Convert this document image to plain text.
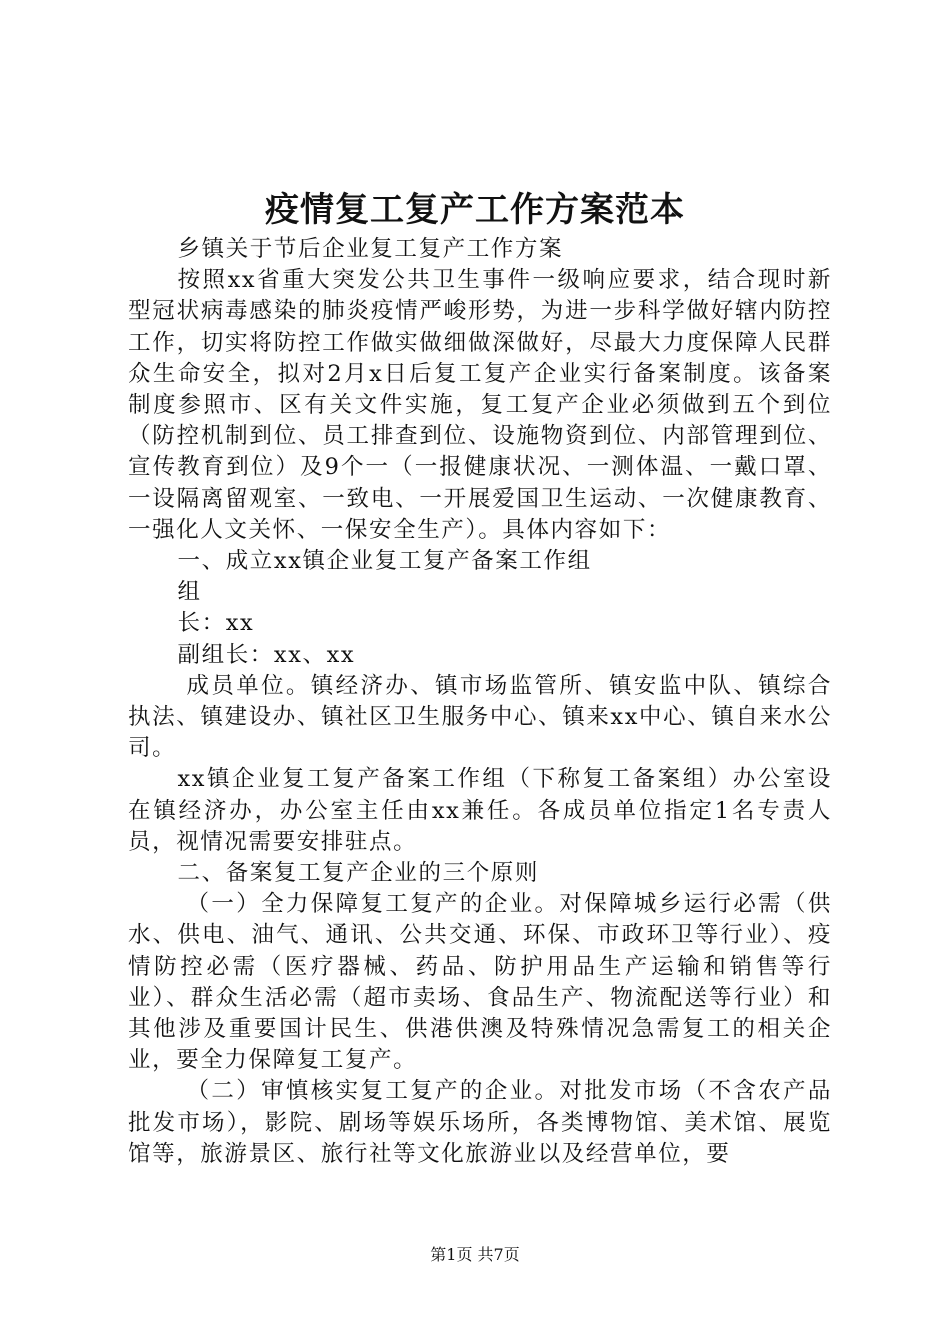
疫情复工复产工作方案范本

乡镇关于节后企业复工复产工作方案

按照xx省重大突发公共卫生事件一级响应要求，结合现时新型冠状病毒感染的肺炎疫情严峻形势，为进一步科学做好辖内防控工作，切实将防控工作做实做细做深做好，尽最大力度保障人民群众生命安全，拟对2月x日后复工复产企业实行备案制度。该备案制度参照市、区有关文件实施，复工复产企业必须做到五个到位（防控机制到位、员工排查到位、设施物资到位、内部管理到位、宣传教育到位）及9个一（一报健康状况、一测体温、一戴口罩、一设隔离留观室、一致电、一开展爱国卫生运动、一次健康教育、一强化人文关怀、一保安全生产）。具体内容如下：

一、成立xx镇企业复工复产备案工作组

组

长：xx

副组长：xx、xx

成员单位。镇经济办、镇市场监管所、镇安监中队、镇综合执法、镇建设办、镇社区卫生服务中心、镇来xx中心、镇自来水公司。

xx镇企业复工复产备案工作组（下称复工备案组）办公室设在镇经济办，办公室主任由xx兼任。各成员单位指定1名专责人员，视情况需要安排驻点。

二、备案复工复产企业的三个原则

（一）全力保障复工复产的企业。对保障城乡运行必需（供水、供电、油气、通讯、公共交通、环保、市政环卫等行业）、疫情防控必需（医疗器械、药品、防护用品生产运输和销售等行业）、群众生活必需（超市卖场、食品生产、物流配送等行业）和其他涉及重要国计民生、供港供澳及特殊情况急需复工的相关企业，要全力保障复工复产。

（二）审慎核实复工复产的企业。对批发市场（不含农产品批发市场），影院、剧场等娱乐场所，各类博物馆、美术馆、展览馆等，旅游景区、旅行社等文化旅游业以及经营单位，要

第1页 共7页
